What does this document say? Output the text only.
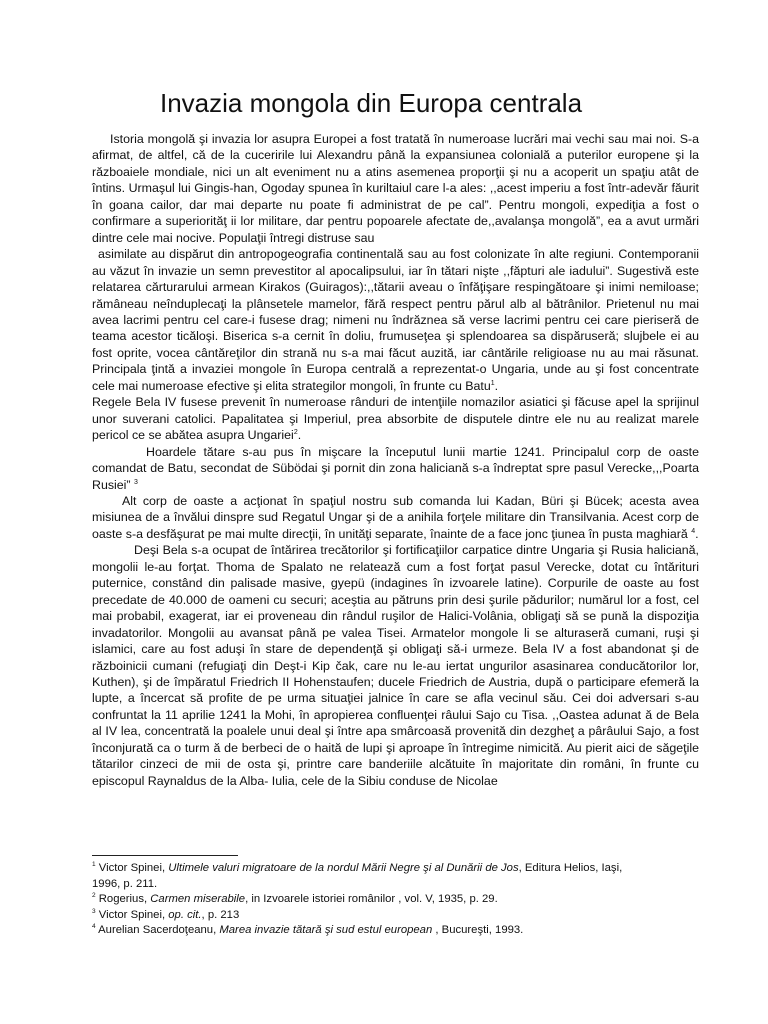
Invazia mongola din Europa centrala

Istoria mongolă şi invazia lor asupra Europei a fost tratată în numeroase lucrări mai vechi sau mai noi. S-a afirmat, de altfel, că de la cuceririle lui Alexandru până la expansiunea colonială a puterilor europene şi la războaiele mondiale, nici un alt eveniment nu a atins asemenea proporţii şi nu a acoperit un spaţiu atât de întins. Urmaşul lui Gingis-han, Ogoday spunea în kuriltaiul care l-a ales: ,,acest imperiu a fost într-adevăr făurit în goana cailor, dar mai departe nu poate fi administrat de pe cal”. Pentru mongoli, expediţia a fost o confirmare a superiorităţ ii lor militare, dar pentru popoarele afectate de,,avalanşa mongolă”, ea a avut urmări dintre cele mai nocive. Populaţii întregi distruse sau

asimilate au dispărut din antropogeografia continentală sau au fost colonizate în alte regiuni. Contemporanii au văzut în invazie un semn prevestitor al apocalipsului, iar în tătari nişte ,,făpturi ale iadului”. Sugestivă este relatarea cărturarului armean Kirakos (Guiragos):,,tătarii aveau o înfăţişare respingătoare şi inimi nemiloase; rămâneau neînduplecaţi la plânsetele mamelor, fără respect pentru părul alb al bătrânilor. Prietenul nu mai avea lacrimi pentru cel care-i fusese drag; nimeni nu îndrăznea să verse lacrimi pentru cei care pieriseră de teama acestor ticăloşi. Biserica s-a cernit în doliu, frumuseţea şi splendoarea sa dispăruseră; slujbele ei au fost oprite, vocea cântăreţilor din strană nu s-a mai făcut auzită, iar cântările religioase nu au mai răsunat. Principala ţintă a invaziei mongole în Europa centrală a reprezentat-o Ungaria, unde au şi fost concentrate cele mai numeroase efective şi elita strategilor mongoli, în frunte cu Batu$^1$.

Regele Bela IV fusese prevenit în numeroase rânduri de intenţiile nomazilor asiatici şi făcuse apel la sprijinul unor suverani catolici. Papalitatea şi Imperiul, prea absorbite de disputele dintre ele nu au realizat marele pericol ce se abătea asupra Ungariei$^2$.

Hoardele tătare s-au pus în mişcare la începutul lunii martie 1241. Principalul corp de oaste comandat de Batu, secondat de Sübödai şi pornit din zona haliciană s-a îndreptat spre pasul Verecke,,,Poarta Rusiei” $^3$

Alt corp de oaste a acţionat în spaţiul nostru sub comanda lui Kadan, Büri şi Bücek; acesta avea misiunea de a învălui dinspre sud Regatul Ungar şi de a anihila forţele militare din Transilvania. Acest corp de oaste s-a desfăşurat pe mai multe direcţii, în unităţi separate, înainte de a face jonc ţiunea în pusta maghiară $^4$.

Deşi Bela s-a ocupat de întărirea trecătorilor şi fortificaţiilor carpatice dintre Ungaria şi Rusia haliciană, mongolii le-au forţat. Thoma de Spalato ne relatează cum a fost forţat pasul Verecke, dotat cu întărituri puternice, constând din palisade masive, gyepü (indagines în izvoarele latine). Corpurile de oaste au fost precedate de 40.000 de oameni cu securi; aceştia au pătruns prin desi şurile pădurilor; numărul lor a fost, cel mai probabil, exagerat, iar ei proveneau din rândul ruşilor de Halici-Volânia, obligaţi să se pună la dispoziţia invadatorilor. Mongolii au avansat până pe valea Tisei. Armatelor mongole li se alturaseră cumani, ruşi şi islamici, care au fost aduşi în stare de dependenţă şi obligaţi să-i urmeze. Bela IV a fost abandonat şi de războinicii cumani (refugiaţi din Deşt-i Kip čak, care nu le-au iertat ungurilor asasinarea conducătorilor lor, Kuthen), şi de împăratul Friedrich II Hohenstaufen; ducele Friedrich de Austria, după o participare efemeră la lupte, a încercat să profite de pe urma situaţiei jalnice în care se afla vecinul său. Cei doi adversari s-au confruntat la 11 aprilie 1241 la Mohi, în apropierea confluenţei râului Sajo cu Tisa. ,,Oastea adunat ă de Bela al IV lea, concentrată la poalele unui deal şi între apa smârcoasă provenită din dezgheţ a pârâului Sajo, a fost înconjurată ca o turm ă de berbeci de o haită de lupi şi aproape în întregime nimicită. Au pierit aici de săgeţile tătarilor cinzeci de mii de osta şi, printre care banderiile alcătuite în majoritate din români, în frunte cu episcopul Raynaldus de la Alba- Iulia, cele de la Sibiu conduse de Nicolae

$^1$ Victor Spinei, Ultimele valuri migratoare de la nordul Mării Negre şi al Dunării de Jos, Editura Helios, Iaşi,
1996, p. 211.
$^2$ Rogerius, Carmen miserabile, in Izvoarele istoriei românilor , vol. V, 1935, p. 29.
$^3$ Victor Spinei, op. cit., p. 213
$^4$ Aurelian Sacerdoţeanu, Marea invazie tătară şi sud estul european , Bucureşti, 1993.
